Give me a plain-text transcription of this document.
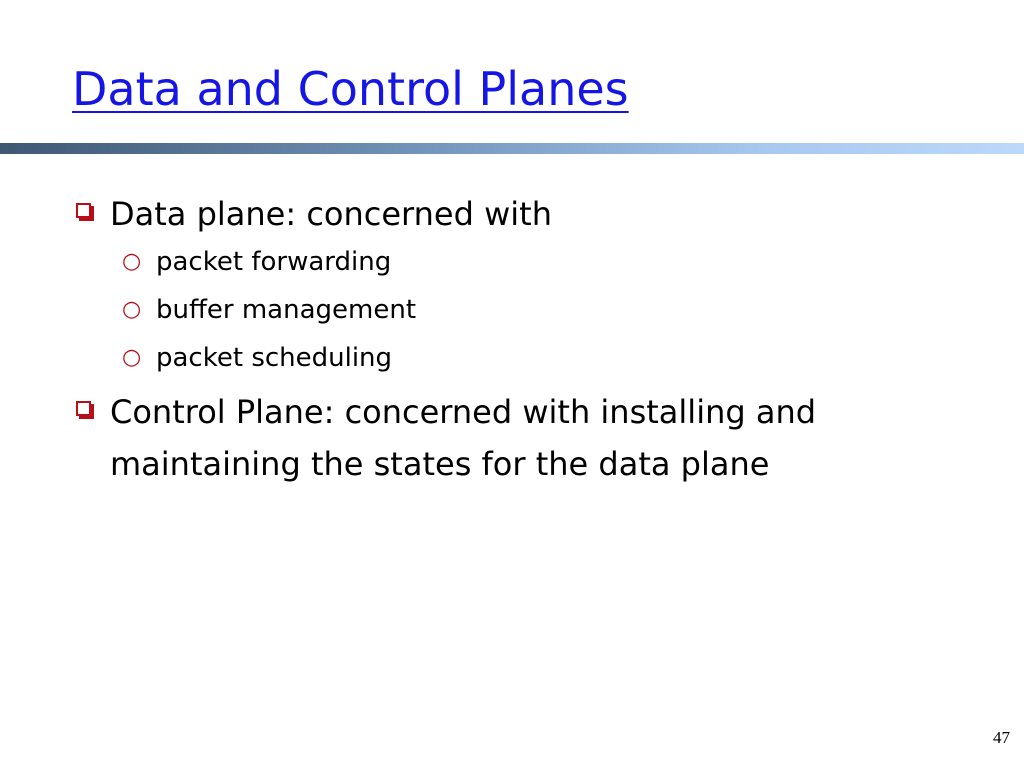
Data and Control Planes
Data plane: concerned with
○ packet forwarding
○ buffer management
○ packet scheduling
Control Plane: concerned with installing and maintaining the states for the data plane
47
